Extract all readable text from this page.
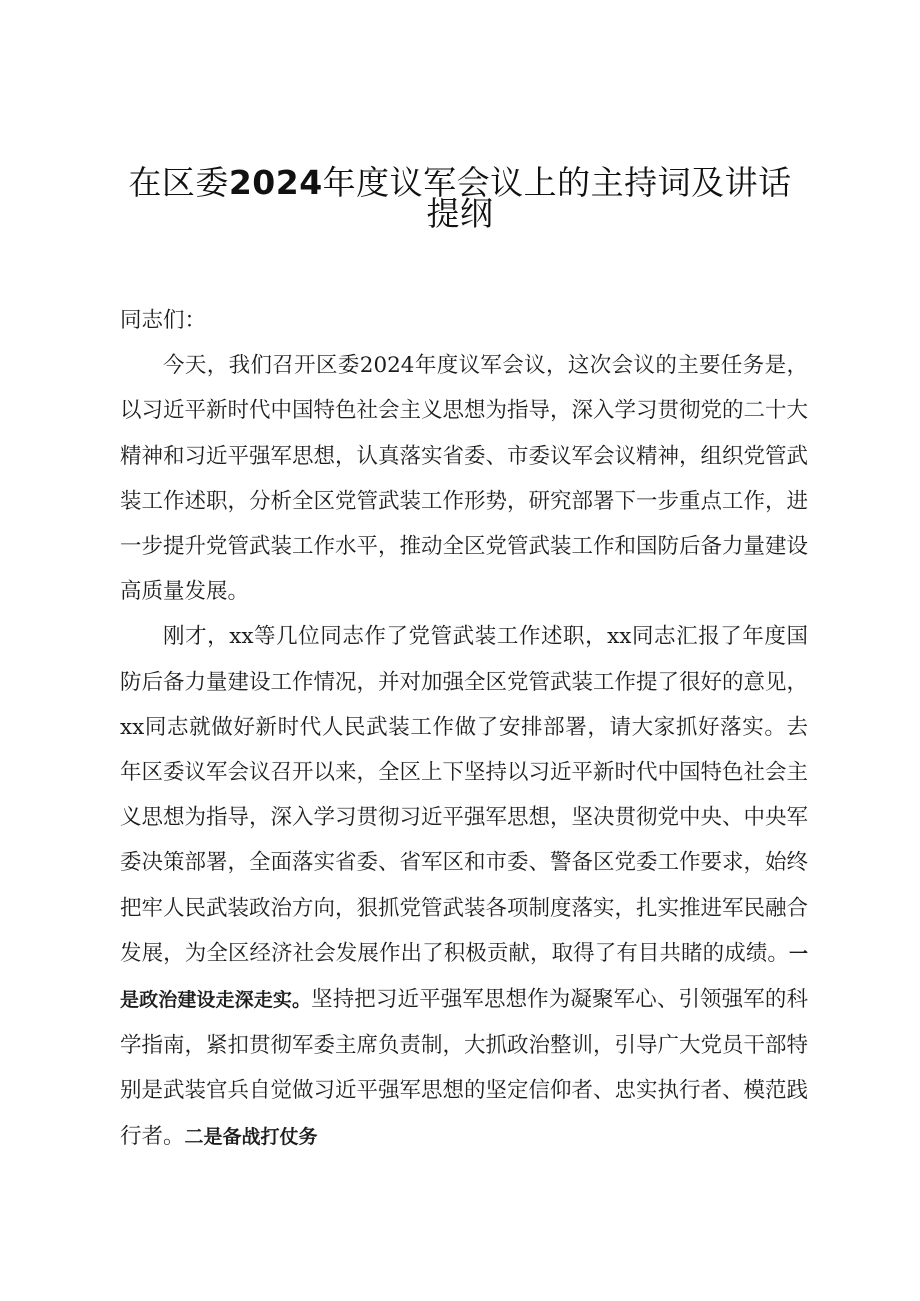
在区委2024年度议军会议上的主持词及讲话
提纲

同志们：

今天，我们召开区委2024年度议军会议，这次会议的主要任务是，以习近平新时代中国特色社会主义思想为指导，深入学习贯彻党的二十大精神和习近平强军思想，认真落实省委、市委议军会议精神，组织党管武装工作述职，分析全区党管武装工作形势，研究部署下一步重点工作，进一步提升党管武装工作水平，推动全区党管武装工作和国防后备力量建设高质量发展。

刚才，xx等几位同志作了党管武装工作述职，xx同志汇报了年度国防后备力量建设工作情况，并对加强全区党管武装工作提了很好的意见，xx同志就做好新时代人民武装工作做了安排部署，请大家抓好落实。去年区委议军会议召开以来，全区上下坚持以习近平新时代中国特色社会主义思想为指导，深入学习贯彻习近平强军思想，坚决贯彻党中央、中央军委决策部署，全面落实省委、省军区和市委、警备区党委工作要求，始终把牢人民武装政治方向，狠抓党管武装各项制度落实，扎实推进军民融合发展，为全区经济社会发展作出了积极贡献，取得了有目共睹的成绩。一是政治建设走深走实。坚持把习近平强军思想作为凝聚军心、引领强军的科学指南，紧扣贯彻军委主席负责制，大抓政治整训，引导广大党员干部特别是武装官兵自觉做习近平强军思想的坚定信仰者、忠实执行者、模范践行者。二是备战打仗务
